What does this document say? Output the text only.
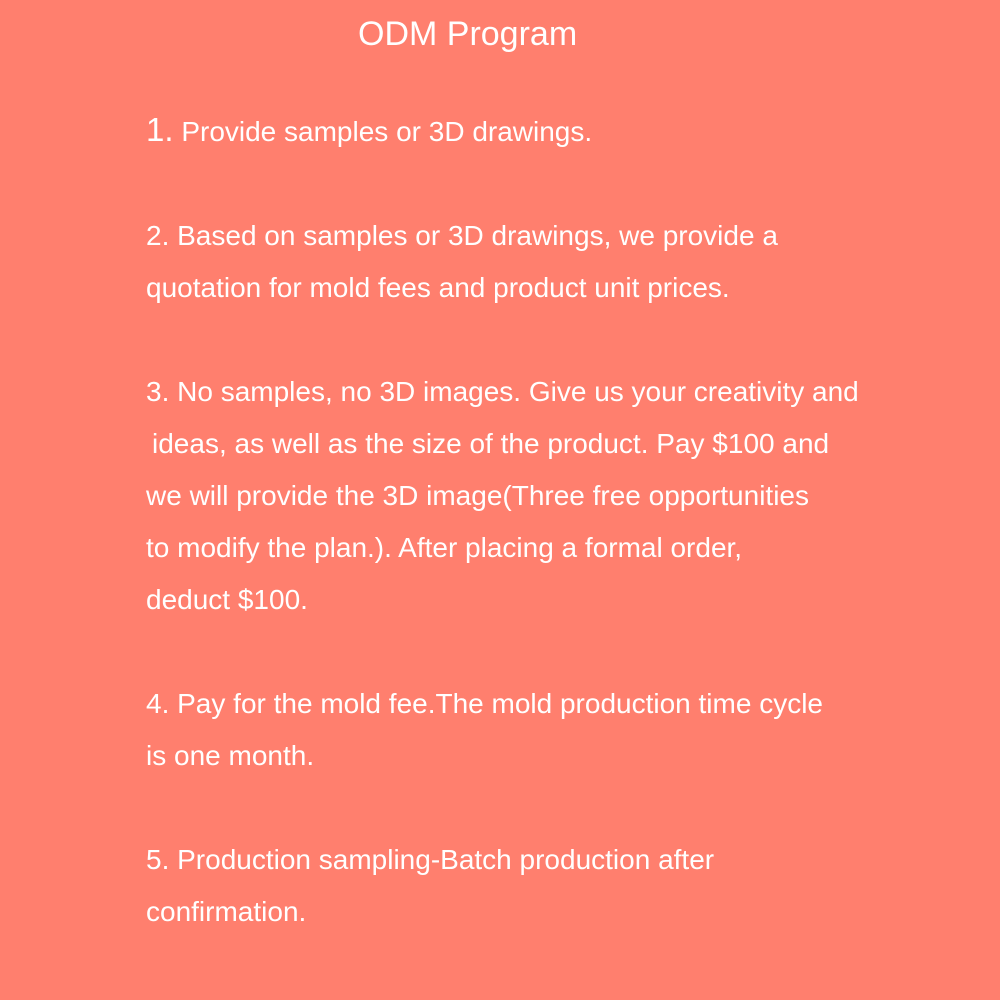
ODM Program
1. Provide samples or 3D drawings.
2. Based on samples or 3D drawings, we provide a
quotation for mold fees and product unit prices.
3. No samples, no 3D images. Give us your creativity and
ideas, as well as the size of the product. Pay $100 and
we will provide the 3D image(Three free opportunities
to modify the plan.). After placing a formal order,
deduct $100.
4. Pay for the mold fee.The mold production time cycle
is one month.
5. Production sampling-Batch production after
confirmation.
